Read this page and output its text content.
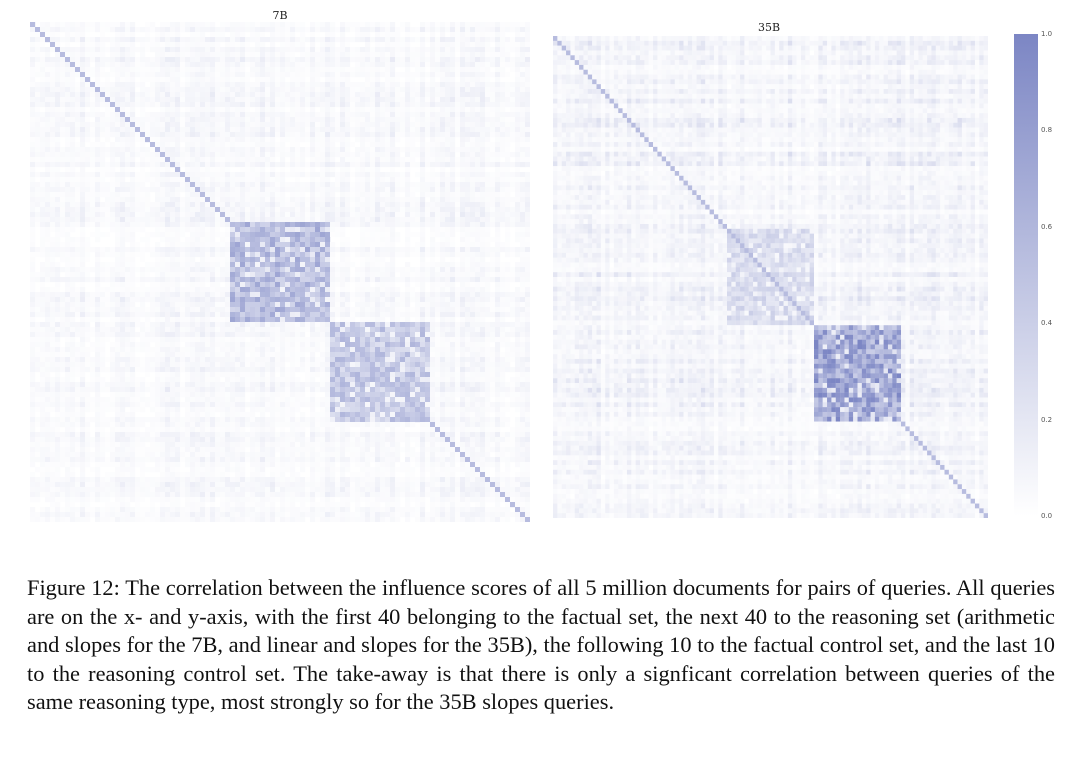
7B
35B	1.0
0.8
0.6
0.4
0.2
0.0

Figure 12: The correlation between the influence scores of all 5 million documents for pairs of queries. All queries are on the x- and y-axis, with the first 40 belonging to the factual set, the next 40 to the reasoning set (arithmetic and slopes for the 7B, and linear and slopes for the 35B), the following 10 to the factual control set, and the last 10 to the reasoning control set. The take-away is that there is only a signficant correlation between queries of the same reasoning type, most strongly so for the 35B slopes queries.
